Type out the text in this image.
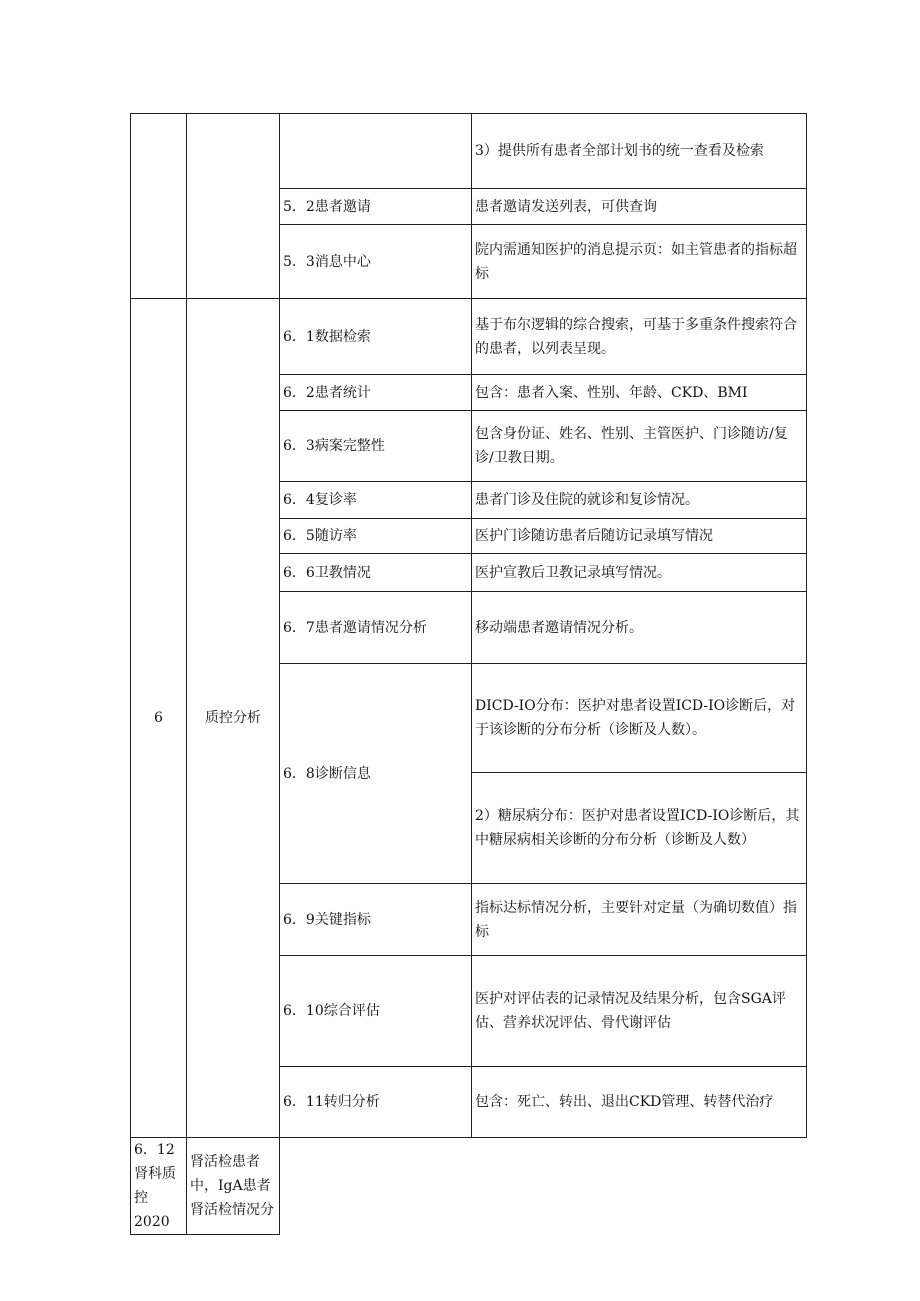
			3）提供所有患者全部计划书的统一查看及检索
		5．2患者邀请	患者邀请发送列表，可供查询
		5．3消息中心	院内需通知医护的消息提示页：如主管患者的指标超标
6	质控分析	6．1数据检索	基于布尔逻辑的综合搜索，可基于多重条件搜索符合的患者，以列表呈现。
		6．2患者统计	包含：患者入案、性别、年龄、CKD、BMI
		6．3病案完整性	包含身份证、姓名、性别、主管医护、门诊随访/复诊/卫教日期。
		6．4复诊率	患者门诊及住院的就诊和复诊情况。
		6．5随访率	医护门诊随访患者后随访记录填写情况
		6．6卫教情况	医护宣教后卫教记录填写情况。
		6．7患者邀请情况分析	移动端患者邀请情况分析。
		6．8诊断信息	DICD-IO分布：医护对患者设置ICD-IO诊断后，对于该诊断的分布分析（诊断及人数）。
			2）糖尿病分布：医护对患者设置ICD-IO诊断后，其中糖尿病相关诊断的分布分析（诊断及人数）
		6．9关键指标	指标达标情况分析，主要针对定量（为确切数值）指标
		6．10综合评估	医护对评估表的记录情况及结果分析，包含SGA评估、营养状况评估、骨代谢评估
		6．11转归分析	包含：死亡、转出、退出CKD管理、转替代治疗
6．12肾科质控2020	肾活检患者中，IgA患者肾活检情况分		
